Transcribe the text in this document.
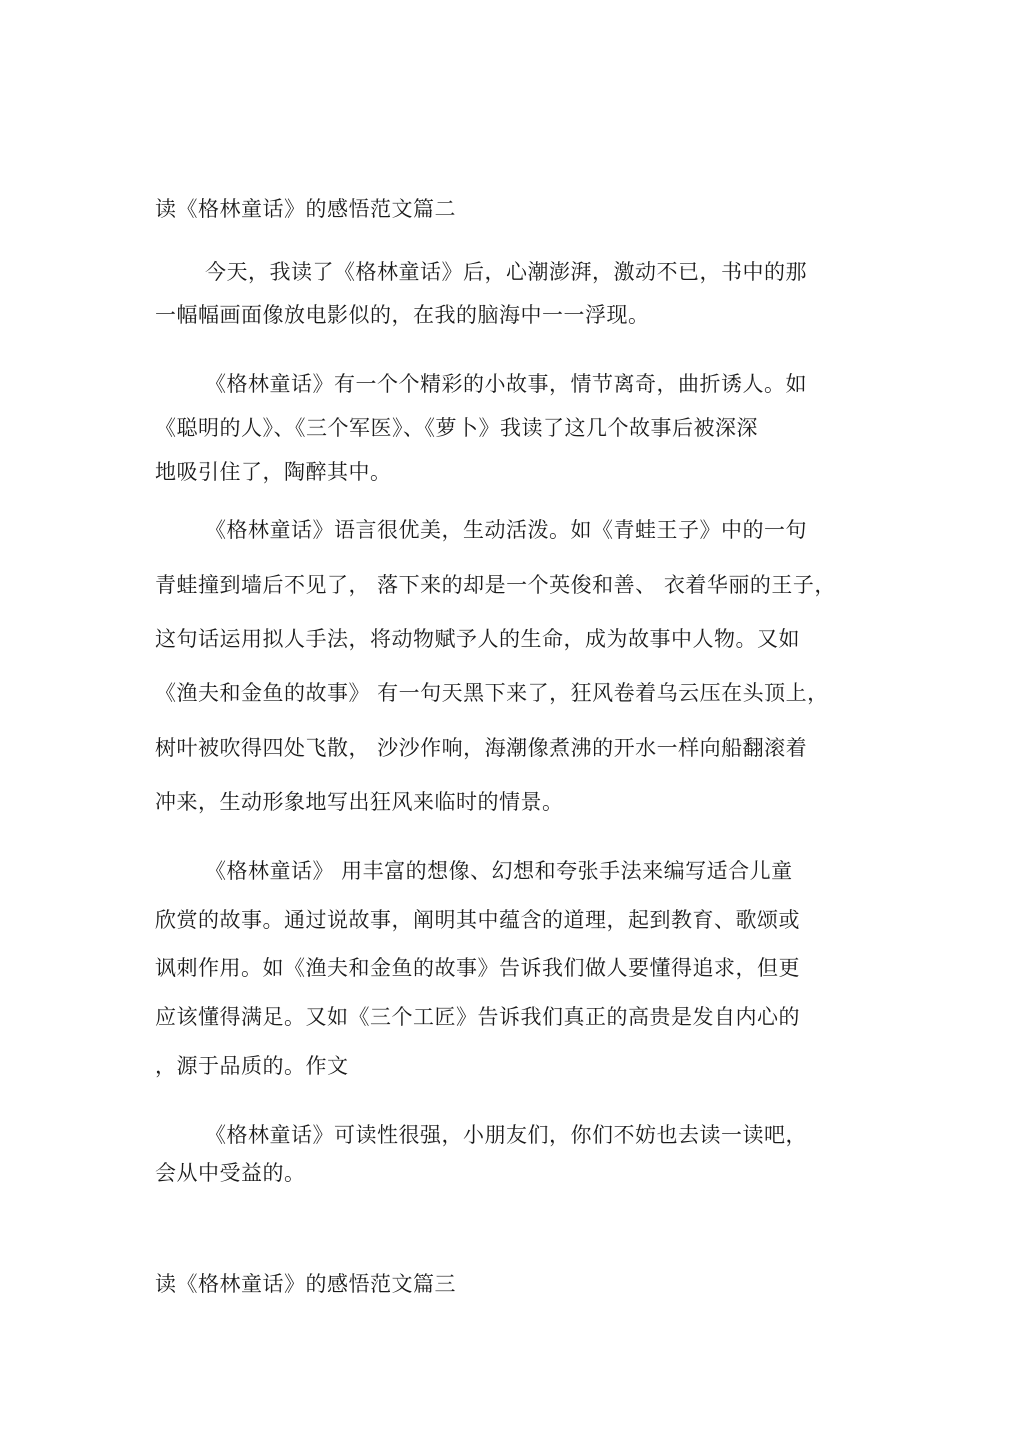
读《格林童话》的感悟范文篇二
今天，我读了《格林童话》后，心潮澎湃，激动不已，书中的那
一幅幅画面像放电影似的，在我的脑海中一一浮现。
《格林童话》有一个个精彩的小故事，情节离奇，曲折诱人。如
《聪明的人》、《三个军医》、《萝卜》我读了这几个故事后被深深
地吸引住了，陶醉其中。
《格林童话》语言很优美，生动活泼。如《青蛙王子》中的一句
青蛙撞到墙后不见了， 落下来的却是一个英俊和善、 衣着华丽的王子，
这句话运用拟人手法，将动物赋予人的生命，成为故事中人物。又如
《渔夫和金鱼的故事》 有一句天黑下来了，狂风卷着乌云压在头顶上，
树叶被吹得四处飞散， 沙沙作响，海潮像煮沸的开水一样向船翻滚着
冲来，生动形象地写出狂风来临时的情景。
《格林童话》 用丰富的想像、幻想和夸张手法来编写适合儿童
欣赏的故事。通过说故事，阐明其中蕴含的道理，起到教育、歌颂或
讽刺作用。如《渔夫和金鱼的故事》告诉我们做人要懂得追求，但更
应该懂得满足。又如《三个工匠》告诉我们真正的高贵是发自内心的
，源于品质的。作文
《格林童话》可读性很强，小朋友们，你们不妨也去读一读吧，
会从中受益的。
读《格林童话》的感悟范文篇三
